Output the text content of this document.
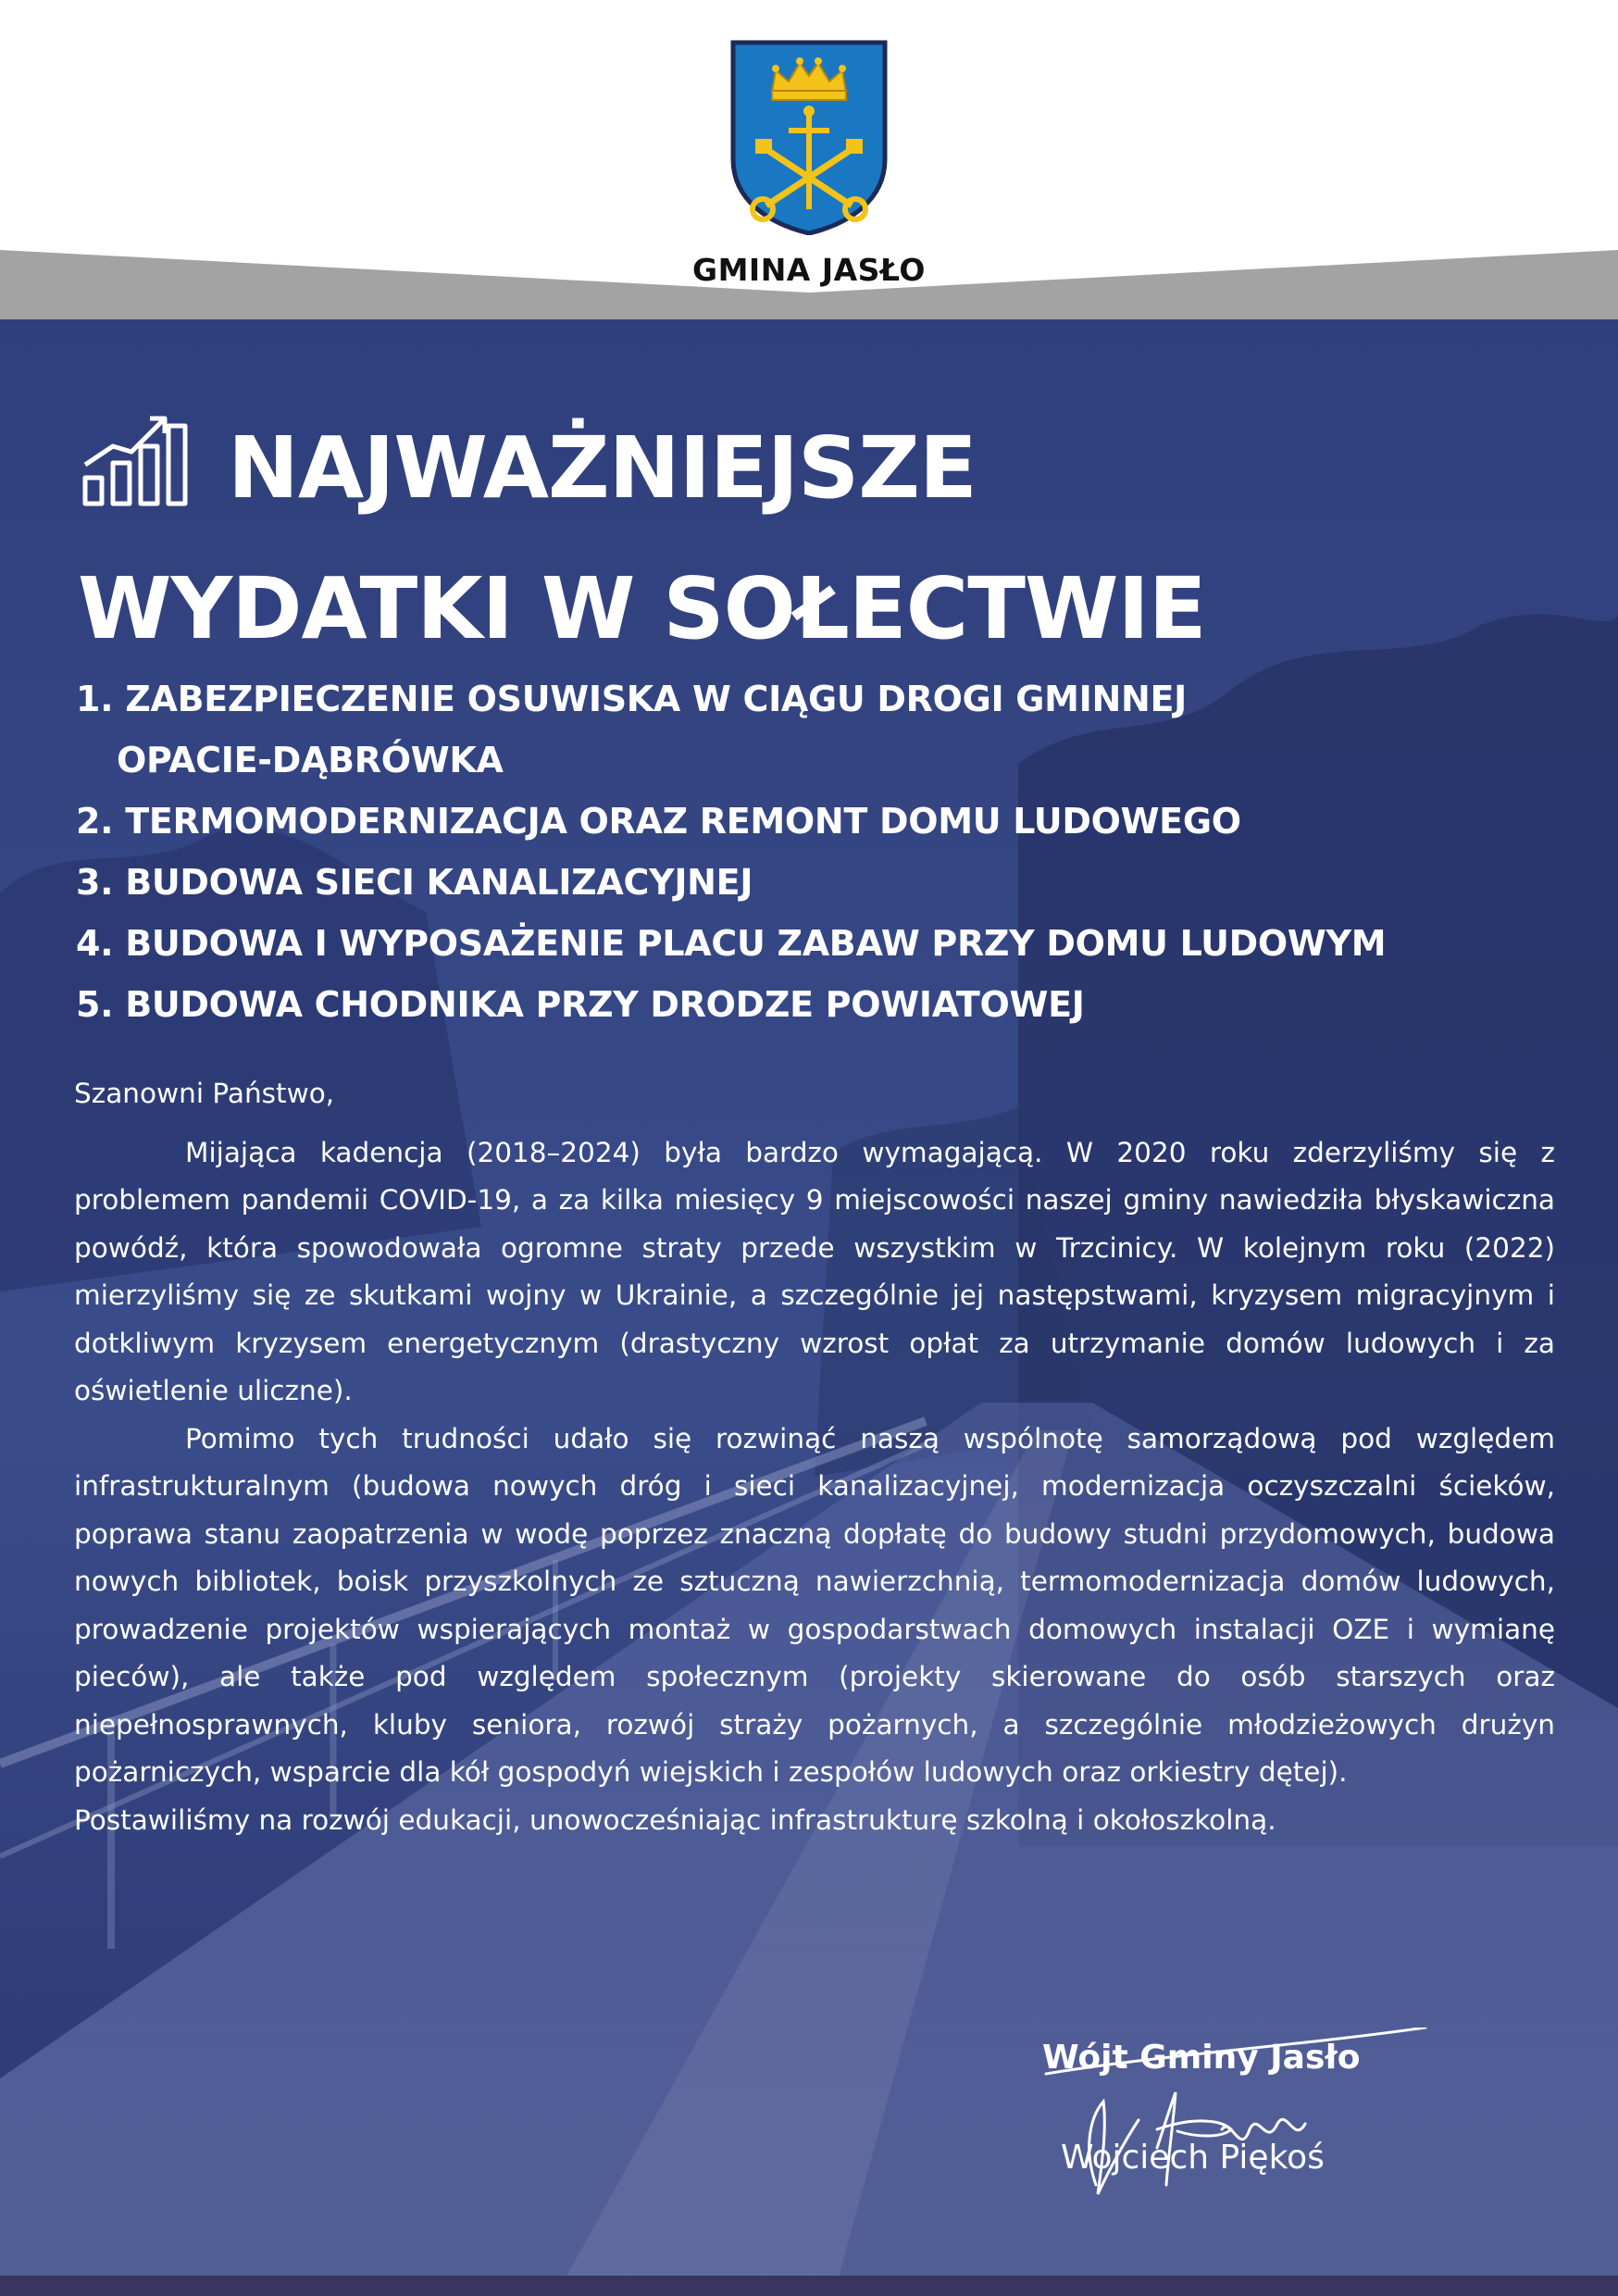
GMINA JASŁO
NAJWAŻNIEJSZE
WYDATKI W SOŁECTWIE
1. ZABEZPIECZENIE OSUWISKA W CIĄGU DROGI GMINNEJ
OPACIE-DĄBRÓWKA
2. TERMOMODERNIZACJA ORAZ REMONT DOMU LUDOWEGO
3. BUDOWA SIECI KANALIZACYJNEJ
4. BUDOWA I WYPOSAŻENIE PLACU ZABAW PRZY DOMU LUDOWYM
5. BUDOWA CHODNIKA PRZY DRODZE POWIATOWEJ

Szanowni Państwo,

Mijająca kadencja (2018–2024) była bardzo wymagającą. W 2020 roku zderzyliśmy się z problemem pandemii COVID-19, a za kilka miesięcy 9 miejscowości naszej gminy nawiedziła błyskawiczna powódź, która spowodowała ogromne straty przede wszystkim w Trzcinicy. W kolejnym roku (2022) mierzyliśmy się ze skutkami wojny w Ukrainie, a szczególnie jej następstwami, kryzysem migracyjnym i dotkliwym kryzysem energetycznym (drastyczny wzrost opłat za utrzymanie domów ludowych i za oświetlenie uliczne).

Pomimo tych trudności udało się rozwinąć naszą wspólnotę samorządową pod względem infrastrukturalnym (budowa nowych dróg i sieci kanalizacyjnej, modernizacja oczyszczalni ścieków, poprawa stanu zaopatrzenia w wodę poprzez znaczną dopłatę do budowy studni przydomowych, budowa nowych bibliotek, boisk przyszkolnych ze sztuczną nawierzchnią, termomodernizacja domów ludowych, prowadzenie projektów wspierających montaż w gospodarstwach domowych instalacji OZE i wymianę pieców), ale także pod względem społecznym (projekty skierowane do osób starszych oraz niepełnosprawnych, kluby seniora, rozwój straży pożarnych, a szczególnie młodzieżowych drużyn pożarniczych, wsparcie dla kół gospodyń wiejskich i zespołów ludowych oraz orkiestry dętej).

Postawiliśmy na rozwój edukacji, unowocześniając infrastrukturę szkolną i okołoszkolną.

Wójt Gminy Jasło
Wojciech Piękoś
